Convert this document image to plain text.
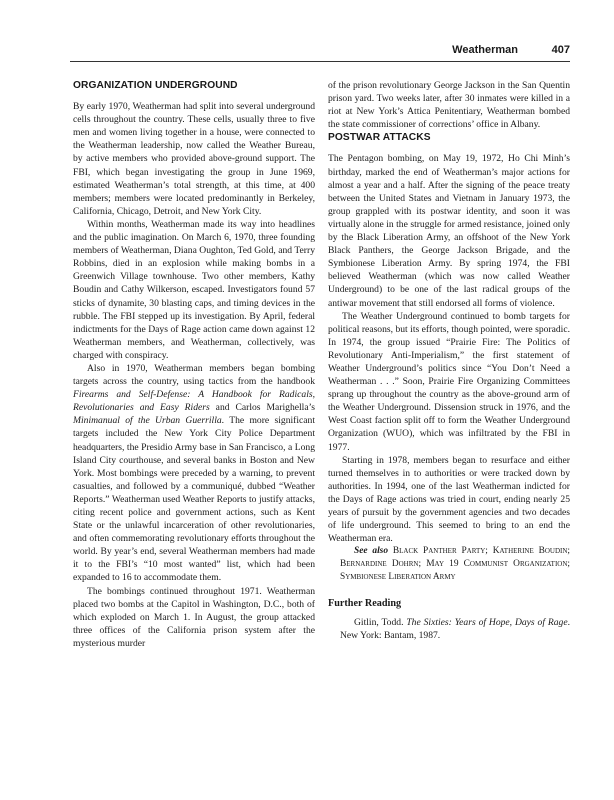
Weatherman	407
ORGANIZATION UNDERGROUND

By early 1970, Weatherman had split into several underground cells throughout the country. These cells, usually three to five men and women living together in a house, were connected to the Weatherman leadership, now called the Weather Bureau, by active members who provided above-ground support. The FBI, which began investigating the group in June 1969, estimated Weatherman’s total strength, at this time, at 400 members; members were located predominantly in Berkeley, California, Chicago, Detroit, and New York City.

Within months, Weatherman made its way into headlines and the public imagination. On March 6, 1970, three founding members of Weatherman, Diana Oughton, Ted Gold, and Terry Robbins, died in an explosion while making bombs in a Greenwich Village townhouse. Two other members, Kathy Boudin and Cathy Wilkerson, escaped. Investigators found 57 sticks of dynamite, 30 blasting caps, and timing devices in the rubble. The FBI stepped up its investigation. By April, federal indictments for the Days of Rage action came down against 12 Weatherman members, and Weatherman, collectively, was charged with conspiracy.

Also in 1970, Weatherman members began bombing targets across the country, using tactics from the handbook Firearms and Self-Defense: A Handbook for Radicals, Revolutionaries and Easy Riders and Carlos Marighella’s Minimanual of the Urban Guerrilla. The more significant targets included the New York City Police Department headquarters, the Presidio Army base in San Francisco, a Long Island City courthouse, and several banks in Boston and New York. Most bombings were preceded by a warning, to prevent casualties, and followed by a communiqué, dubbed “Weather Reports.” Weatherman used Weather Reports to justify attacks, citing recent police and government actions, such as Kent State or the unlawful incarceration of other revolutionaries, and often commemorating revolutionary efforts throughout the world. By year’s end, several Weatherman members had made it to the FBI’s “10 most wanted” list, which had been expanded to 16 to accommodate them.

The bombings continued throughout 1971. Weatherman placed two bombs at the Capitol in Washington, D.C., both of which exploded on March 1. In August, the group attacked three offices of the California prison system after the mysterious murder

of the prison revolutionary George Jackson in the San Quentin prison yard. Two weeks later, after 30 inmates were killed in a riot at New York’s Attica Penitentiary, Weatherman bombed the state commissioner of corrections’ office in Albany.

POSTWAR ATTACKS

The Pentagon bombing, on May 19, 1972, Ho Chi Minh’s birthday, marked the end of Weatherman’s major actions for almost a year and a half. After the signing of the peace treaty between the United States and Vietnam in January 1973, the group grappled with its postwar identity, and soon it was virtually alone in the struggle for armed resistance, joined only by the Black Liberation Army, an offshoot of the New York Black Panthers, the George Jackson Brigade, and the Symbionese Liberation Army. By spring 1974, the FBI believed Weatherman (which was now called Weather Underground) to be one of the last radical groups of the antiwar movement that still endorsed all forms of violence.

The Weather Underground continued to bomb targets for political reasons, but its efforts, though pointed, were sporadic. In 1974, the group issued “Prairie Fire: The Politics of Revolutionary Anti-Imperialism,” the first statement of Weather Underground’s politics since “You Don’t Need a Weatherman . . .” Soon, Prairie Fire Organizing Committees sprang up throughout the country as the above-ground arm of the Weather Underground. Dissension struck in 1976, and the West Coast faction split off to form the Weather Underground Organization (WUO), which was infiltrated by the FBI in 1977.

Starting in 1978, members began to resurface and either turned themselves in to authorities or were tracked down by authorities. In 1994, one of the last Weatherman indicted for the Days of Rage actions was tried in court, ending nearly 25 years of pursuit by the government agencies and two decades of life underground. This seemed to bring to an end the Weatherman era.

See also Black Panther Party; Katherine Boudin; Bernardine Dohrn; May 19 Communist Organization; Symbionese Liberation Army

Further Reading

Gitlin, Todd. The Sixties: Years of Hope, Days of Rage. New York: Bantam, 1987.
